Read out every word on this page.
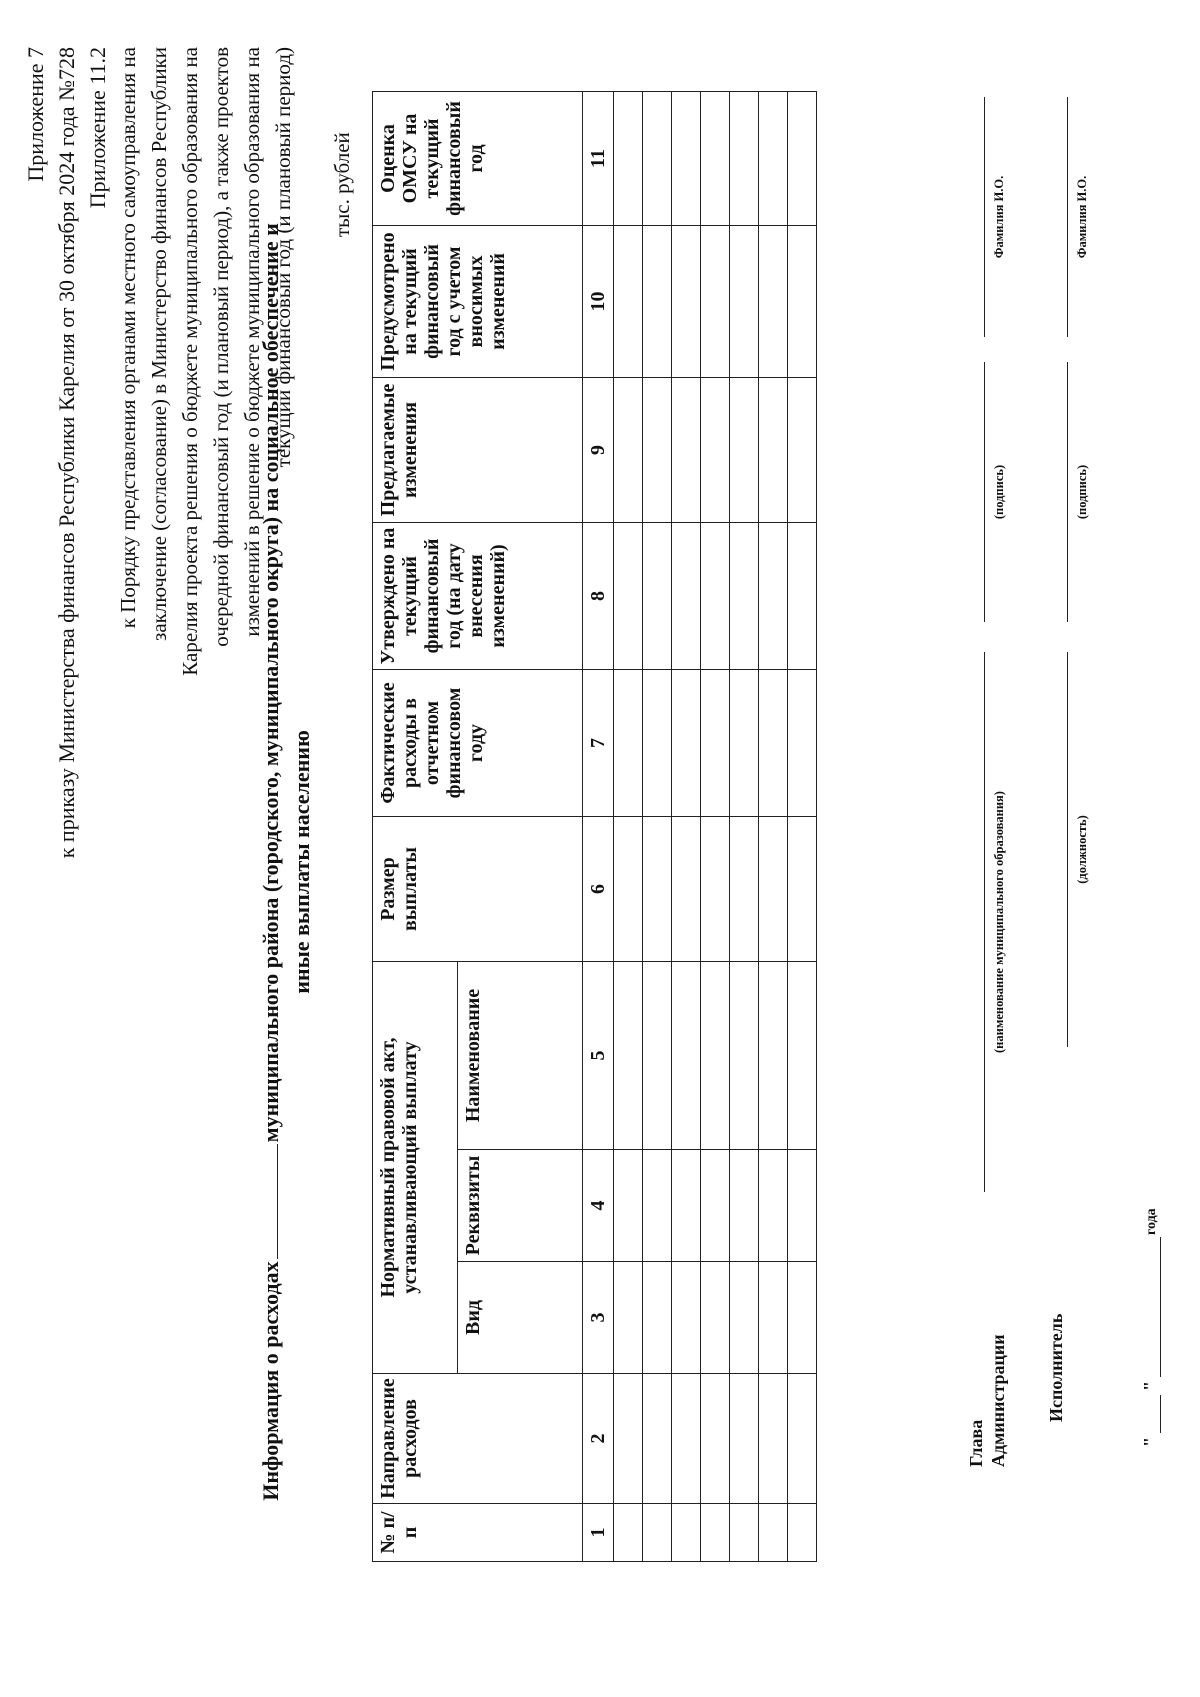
Приложение 7 к приказу Министерства финансов Республики Карелия от 30 октября 2024 года №728 Приложение 11.2 к Порядку представления органами местного самоуправления на заключение (согласование) в Министерство финансов Республики Карелия проекта решения о бюджете муниципального образования на очередной финансовый год (и плановый период), а также проектов изменений в решение о бюджете муниципального образования на текущий финансовый год (и плановый период)
Информация о расходахмуниципального района (городского, муниципального округа) на социальное обеспечение и иные выплаты населению
тыс. рублей
№ п/п	Направление расходов	Нормативный правовой акт, устанавливающий выплату			Размер выплаты	Фактические расходы в отчетном финансовом году	Утверждено на текущий финансовый год (на дату внесения изменений)	Предлагаемые изменения	Предусмотрено на текущий финансовый год с учетом вносимых изменений	Оценка ОМСУ на текущий финансовый год
		Вид	Реквизиты	Наименование						
1	2	3	4	5	6	7	8	9	10	11

Глава Администрации
(наименование муниципального образования)
(подпись)
Фамилия И.О.
Исполнитель
(должность)
(подпись)
Фамилия И.О.
"
"
года
